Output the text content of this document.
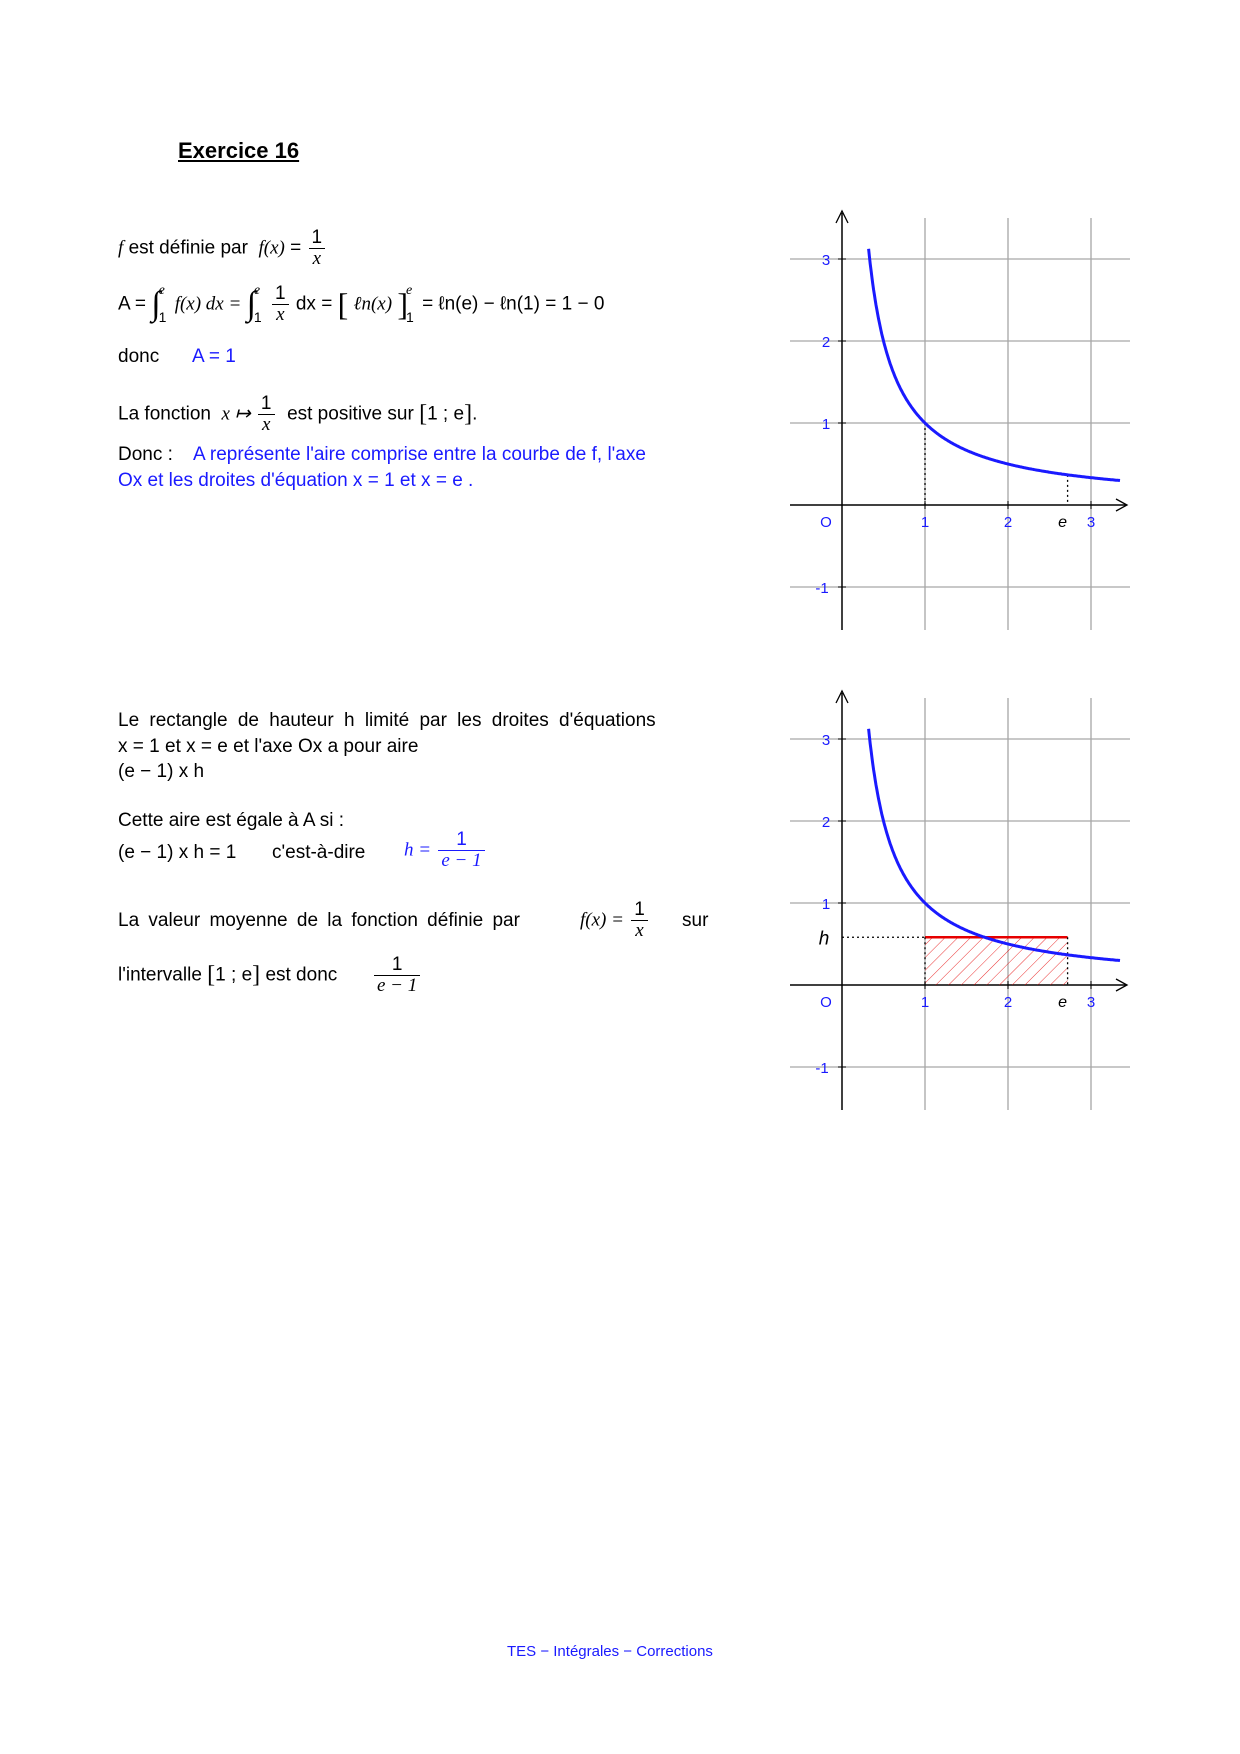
Exercice 16
f est définie par $f(x) = \frac{1}{x}$
A = ∫
e
1
f(x) dx = ∫
e
1
$\frac{1}{x}$ dx = [ ℓn(x) ]
e
1
= ℓn(e) − ℓn(1) = 1 − 0
donc A = 1
La fonction x ↦ $\frac{1}{x}$ est positive sur [1 ; e].
Donc : A représente l'aire comprise entre la courbe de f, l'axe
Ox et les droites d'équation x = 1 et x = e .
3
2
1
-1
1	2	3
O	e
Le rectangle de hauteur h limité par les droites d'équations
x = 1 et x = e et l'axe Ox a pour aire
(e − 1) x h
Cette aire est égale à A si :
(e − 1) x h = 1 c'est-à-dire $h = \frac{1}{e - 1}$
La valeur moyenne de la fonction définie par	$f(x) = \frac{1}{x}$ sur
l'intervalle [1 ; e] est donc $\frac{1}{e - 1}$
3
2
1
-1
1	2	3
O	e
h
TES − Intégrales − Corrections
